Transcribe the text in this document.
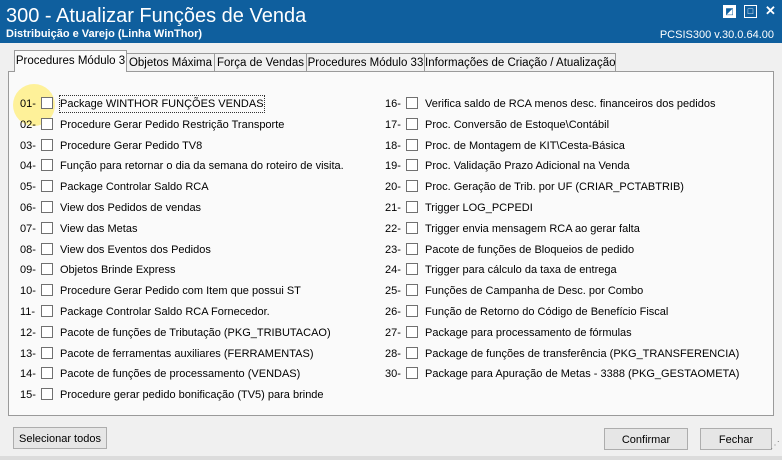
300 - Atualizar Funções de Venda
Distribuição e Varejo (Linha WinThor)	PCSIS300 v.30.0.64.00
◩	□ ✕
Procedures Módulo 3 Objetos Máxima Força de Vendas Procedures Módulo 33 Informações de Criação / Atualização
01- Package WINTHOR FUNÇÕES VENDAS
02- Procedure Gerar Pedido Restrição Transporte
03- Procedure Gerar Pedido TV8
04- Função para retornar o dia da semana do roteiro de visita.
05- Package Controlar Saldo RCA
06- View dos Pedidos de vendas
07- View das Metas
08- View dos Eventos dos Pedidos
09- Objetos Brinde Express
10- Procedure Gerar Pedido com Item que possui ST
11- Package Controlar Saldo RCA Fornecedor.
12- Pacote de funções de Tributação (PKG_TRIBUTACAO)
13- Pacote de ferramentas auxiliares (FERRAMENTAS)
14- Pacote de funções de processamento (VENDAS)
15- Procedure gerar pedido bonificação (TV5) para brinde
16- Verifica saldo de RCA menos desc. financeiros dos pedidos
17- Proc. Conversão de Estoque\Contábil
18- Proc. de Montagem de KIT\Cesta-Básica
19- Proc. Validação Prazo Adicional na Venda
20- Proc. Geração de Trib. por UF (CRIAR_PCTABTRIB)
21- Trigger LOG_PCPEDI
22- Trigger envia mensagem RCA ao gerar falta
23- Pacote de funções de Bloqueios de pedido
24- Trigger para cálculo da taxa de entrega
25- Funções de Campanha de Desc. por Combo
26- Função de Retorno do Código de Benefício Fiscal
27- Package para processamento de fórmulas
28- Package de funções de transferência (PKG_TRANSFERENCIA)
30- Package para Apuração de Metas - 3388 (PKG_GESTAOMETA)
Selecionar todos	Confirmar	Fechar	⋰
